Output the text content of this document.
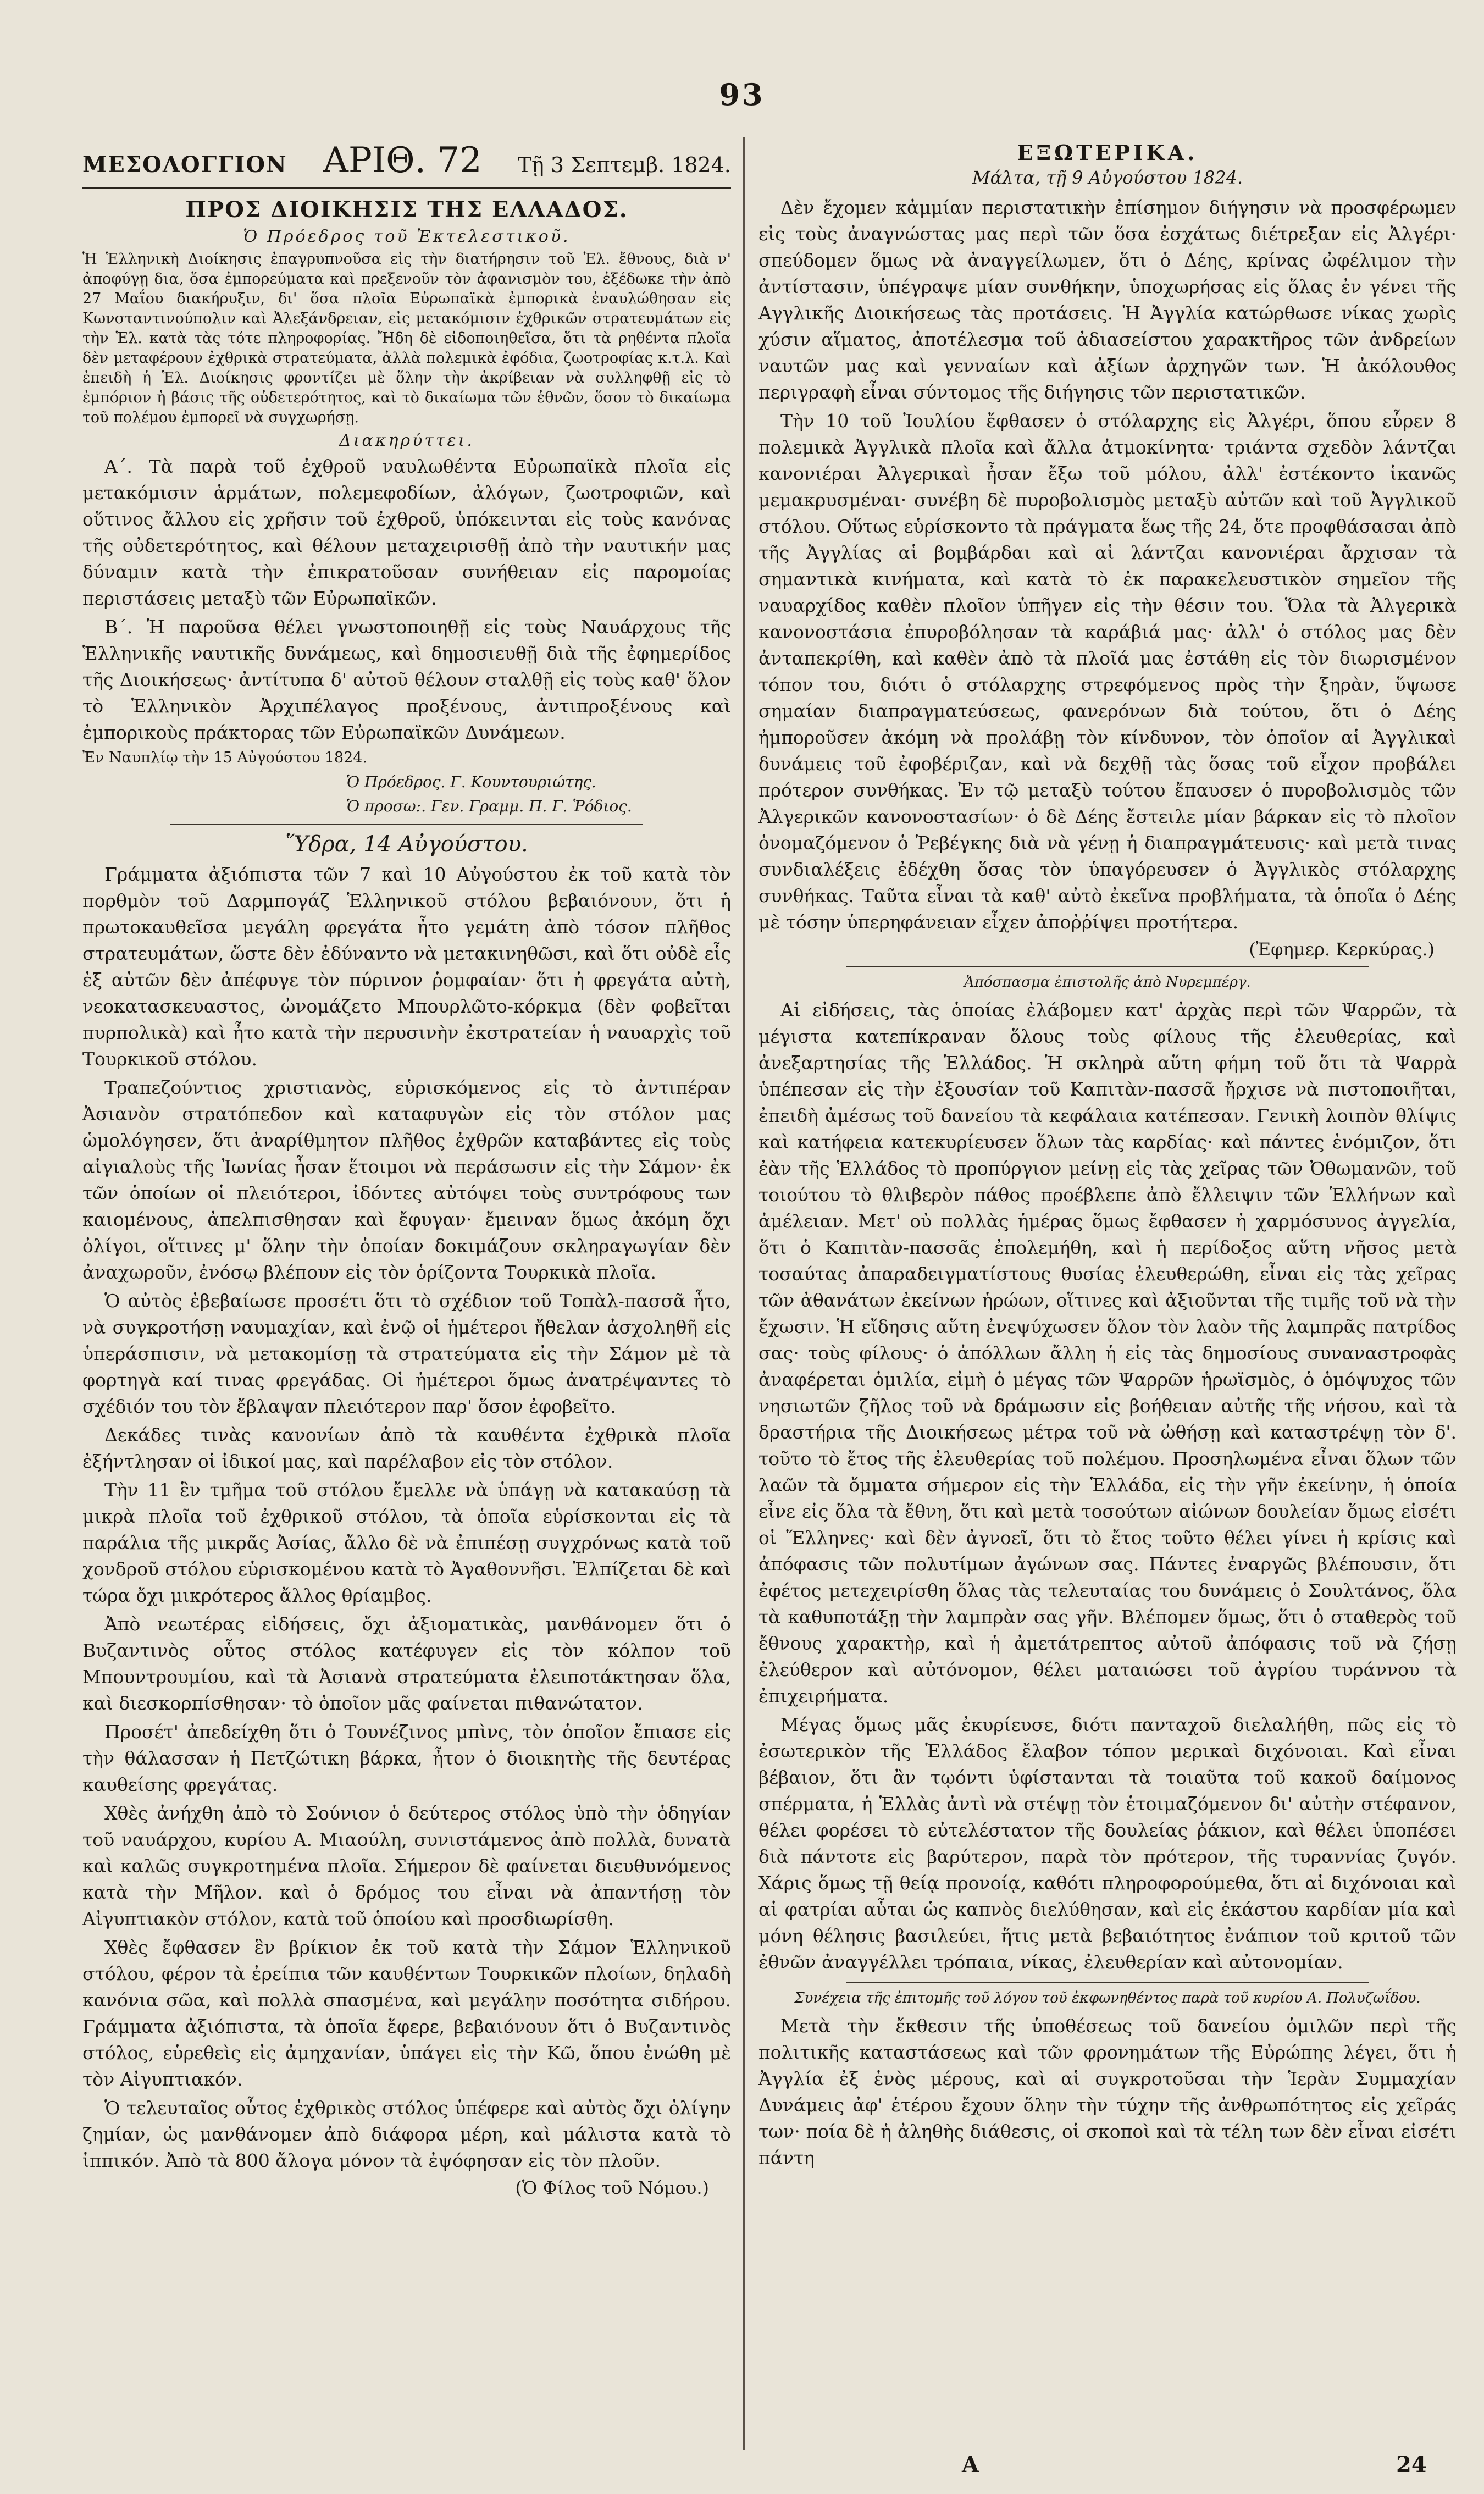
93
ΜΕΣΟΛΟΓΓΙΟΝ ΑΡΙΘ. 72 Τῇ 3 Σεπτεμβ. 1824.
ΠΡΟΣ ΔΙΟΙΚΗΣΙΣ ΤΗΣ ΕΛΛΑΔΟΣ.
Ὁ Πρόεδρος τοῦ Ἐκτελεστικοῦ.

Ἡ Ἑλληνικὴ Διοίκησις ἐπαγρυπνοῦσα εἰς τὴν διατήρησιν τοῦ Ἑλ. ἔθνους, διὰ ν' ἀποφύγῃ δια, ὅσα ἐμπορεύματα καὶ πρεξενοῦν τὸν ἀφανισμὸν του, ἐξέδωκε τὴν ἀπὸ 27 Μαΐου διακήρυξιν, δι' ὅσα πλοῖα Εὐρωπαϊκὰ ἐμπορικὰ ἐναυλώθησαν εἰς Κωνσταντινούπολιν καὶ Ἀλεξάνδρειαν, εἰς μετακόμισιν ἐχθρικῶν στρατευμάτων εἰς τὴν Ἑλ. κατὰ τὰς τότε πληροφορίας. Ἤδη δὲ εἰδοποιηθεῖσα, ὅτι τὰ ρηθέντα πλοῖα δὲν μεταφέρουν ἐχθρικὰ στρατεύματα, ἀλλὰ πολεμικὰ ἐφόδια, ζωοτροφίας κ.τ.λ. Καὶ ἐπειδὴ ἡ Ἑλ. Διοίκησις φροντίζει μὲ ὅλην τὴν ἀκρίβειαν νὰ συλληφθῇ εἰς τὸ ἐμπόριον ἡ βάσις τῆς οὐδετερότητος, καὶ τὸ δικαίωμα τῶν ἐθνῶν, ὅσον τὸ δικαίωμα τοῦ πολέμου ἐμπορεῖ νὰ συγχωρήσῃ.

Διακηρύττει.

Α΄. Τὰ παρὰ τοῦ ἐχθροῦ ναυλωθέντα Εὐρωπαϊκὰ πλοῖα εἰς μετακόμισιν ἁρμάτων, πολεμεφοδίων, ἀλόγων, ζωοτροφιῶν, καὶ οὕτινος ἄλλου εἰς χρῆσιν τοῦ ἐχθροῦ, ὑπόκεινται εἰς τοὺς κανόνας τῆς οὐδετερότητος, καὶ θέλουν μεταχειρισθῇ ἀπὸ τὴν ναυτικήν μας δύναμιν κατὰ τὴν ἐπικρατοῦσαν συνήθειαν εἰς παρομοίας περιστάσεις μεταξὺ τῶν Εὐρωπαϊκῶν.

Β΄. Ἡ παροῦσα θέλει γνωστοποιηθῇ εἰς τοὺς Ναυάρχους τῆς Ἑλληνικῆς ναυτικῆς δυνάμεως, καὶ δημοσιευθῇ διὰ τῆς ἐφημερίδος τῆς Διοικήσεως· ἀντίτυπα δ' αὐτοῦ θέλουν σταλθῇ εἰς τοὺς καθ' ὅλον τὸ Ἑλληνικὸν Ἀρχιπέλαγος προξένους, ἀντιπροξένους καὶ ἐμπορικοὺς πράκτορας τῶν Εὐρωπαϊκῶν Δυνάμεων.

Ἐν Ναυπλίῳ τὴν 15 Αὐγούστου 1824.

Ὁ Πρόεδρος. Γ. Κουντουριώτης.
Ὁ προσω:. Γεν. Γραμμ. Π. Γ. Ῥόδιος.
Ὕδρα, 14 Αὐγούστου.

Γράμματα ἀξιόπιστα τῶν 7 καὶ 10 Αὐγούστου ἐκ τοῦ κατὰ τὸν πορθμὸν τοῦ Δαρμπογάζ Ἑλληνικοῦ στόλου βεβαιόνουν, ὅτι ἡ πρωτοκαυθεῖσα μεγάλη φρεγάτα ἦτο γεμάτη ἀπὸ τόσον πλῆθος στρατευμάτων, ὥστε δὲν ἐδύναντο νὰ μετακινηθῶσι, καὶ ὅτι οὐδὲ εἷς ἐξ αὐτῶν δὲν ἀπέφυγε τὸν πύρινον ῥομφαίαν· ὅτι ἡ φρεγάτα αὐτὴ, νεοκατασκευαστος, ὠνομάζετο Μπουρλῶτο-κόρκμα (δὲν φοβεῖται πυρπολικὰ) καὶ ἦτο κατὰ τὴν περυσινὴν ἐκστρατείαν ἡ ναυαρχὶς τοῦ Τουρκικοῦ στόλου.

Τραπεζούντιος χριστιανὸς, εὑρισκόμενος εἰς τὸ ἀντιπέραν Ἀσιανὸν στρατόπεδον καὶ καταφυγὼν εἰς τὸν στόλον μας ὡμολόγησεν, ὅτι ἀναρίθμητον πλῆθος ἐχθρῶν καταβάντες εἰς τοὺς αἰγιαλοὺς τῆς Ἰωνίας ἦσαν ἕτοιμοι νὰ περάσωσιν εἰς τὴν Σάμον· ἐκ τῶν ὁποίων οἱ πλειότεροι, ἰδόντες αὐτόψει τοὺς συντρόφους των καιομένους, ἀπελπισθησαν καὶ ἔφυγαν· ἔμειναν ὅμως ἀκόμη ὄχι ὀλίγοι, οἵτινες μ' ὅλην τὴν ὁποίαν δοκιμάζουν σκληραγωγίαν δὲν ἀναχωροῦν, ἐνόσῳ βλέπουν εἰς τὸν ὁρίζοντα Τουρκικὰ πλοῖα.

Ὁ αὐτὸς ἐβεβαίωσε προσέτι ὅτι τὸ σχέδιον τοῦ Τοπὰλ-πασσᾶ ἦτο, νὰ συγκροτήσῃ ναυμαχίαν, καὶ ἐνῷ οἱ ἡμέτεροι ἤθελαν ἀσχοληθῆ εἰς ὑπεράσπισιν, νὰ μετακομίσῃ τὰ στρατεύματα εἰς τὴν Σάμον μὲ τὰ φορτηγὰ καί τινας φρεγάδας. Οἱ ἡμέτεροι ὅμως ἀνατρέψαντες τὸ σχέδιόν του τὸν ἔβλαψαν πλειότερον παρ' ὅσον ἐφοβεῖτο.

Δεκάδες τινὰς κανονίων ἀπὸ τὰ καυθέντα ἐχθρικὰ πλοῖα ἐξήντλησαν οἱ ἰδικοί μας, καὶ παρέλαβον εἰς τὸν στόλον.

Τὴν 11 ἓν τμῆμα τοῦ στόλου ἔμελλε νὰ ὑπάγῃ νὰ κατακαύσῃ τὰ μικρὰ πλοῖα τοῦ ἐχθρικοῦ στόλου, τὰ ὁποῖα εὑρίσκονται εἰς τὰ παράλια τῆς μικρᾶς Ἀσίας, ἄλλο δὲ νὰ ἐπιπέσῃ συγχρόνως κατὰ τοῦ χονδροῦ στόλου εὑρισκομένου κατὰ τὸ Ἀγαθοννῆσι. Ἐλπίζεται δὲ καὶ τώρα ὄχι μικρότερος ἄλλος θρίαμβος.

Ἀπὸ νεωτέρας εἰδήσεις, ὄχι ἀξιοματικὰς, μανθάνομεν ὅτι ὁ Βυζαντινὸς οὗτος στόλος κατέφυγεν εἰς τὸν κόλπον τοῦ Μπουντρουμίου, καὶ τὰ Ἀσιανὰ στρατεύματα ἐλειποτάκτησαν ὅλα, καὶ διεσκορπίσθησαν· τὸ ὁποῖον μᾶς φαίνεται πιθανώτατον.

Προσέτ' ἀπεδείχθη ὅτι ὁ Τουνέζινος μπὶνς, τὸν ὁποῖον ἔπιασε εἰς τὴν θάλασσαν ἡ Πετζώτικη βάρκα, ἦτον ὁ διοικητὴς τῆς δευτέρας καυθείσης φρεγάτας.

Χθὲς ἀνήχθη ἀπὸ τὸ Σούνιον ὁ δεύτερος στόλος ὑπὸ τὴν ὁδηγίαν τοῦ ναυάρχου, κυρίου Α. Μιαούλη, συνιστάμενος ἀπὸ πολλὰ, δυνατὰ καὶ καλῶς συγκροτημένα πλοῖα. Σήμερον δὲ φαίνεται διευθυνόμενος κατὰ τὴν Μῆλον. καὶ ὁ δρόμος του εἶναι νὰ ἀπαντήσῃ τὸν Αἰγυπτιακὸν στόλον, κατὰ τοῦ ὁποίου καὶ προσδιωρίσθη.

Χθὲς ἔφθασεν ἓν βρίκιον ἐκ τοῦ κατὰ τὴν Σάμον Ἑλληνικοῦ στόλου, φέρον τὰ ἐρείπια τῶν καυθέντων Τουρκικῶν πλοίων, δηλαδὴ κανόνια σῶα, καὶ πολλὰ σπασμένα, καὶ μεγάλην ποσότητα σιδήρου. Γράμματα ἀξιόπιστα, τὰ ὁποῖα ἔφερε, βεβαιόνουν ὅτι ὁ Βυζαντινὸς στόλος, εὑρεθεὶς εἰς ἀμηχανίαν, ὑπάγει εἰς τὴν Κῶ, ὅπου ἐνώθη μὲ τὸν Αἰγυπτιακόν.

Ὁ τελευταῖος οὗτος ἐχθρικὸς στόλος ὑπέφερε καὶ αὐτὸς ὄχι ὀλίγην ζημίαν, ὡς μανθάνομεν ἀπὸ διάφορα μέρη, καὶ μάλιστα κατὰ τὸ ἱππικόν. Ἀπὸ τὰ 800 ἄλογα μόνον τὰ ἐψόφησαν εἰς τὸν πλοῦν.

(Ὁ Φίλος τοῦ Νόμου.)
ΕΞΩΤΕΡΙΚΑ.
Μάλτα, τῇ 9 Αὐγούστου 1824.

Δὲν ἔχομεν κἀμμίαν περιστατικὴν ἐπίσημον διήγησιν νὰ προσφέρωμεν εἰς τοὺς ἀναγνώστας μας περὶ τῶν ὅσα ἐσχάτως διέτρεξαν εἰς Ἀλγέρι· σπεύδομεν ὅμως νὰ ἀναγγείλωμεν, ὅτι ὁ Δέης, κρίνας ὠφέλιμον τὴν ἀντίστασιν, ὑπέγραψε μίαν συνθήκην, ὑποχωρήσας εἰς ὅλας ἐν γένει τῆς Αγγλικῆς Διοικήσεως τὰς προτάσεις. Ἡ Ἀγγλία κατώρθωσε νίκας χωρὶς χύσιν αἵματος, ἀποτέλεσμα τοῦ ἀδιασείστου χαρακτῆρος τῶν ἀνδρείων ναυτῶν μας καὶ γενναίων καὶ ἀξίων ἀρχηγῶν των. Ἡ ἀκόλουθος περιγραφὴ εἶναι σύντομος τῆς διήγησις τῶν περιστατικῶν.

Τὴν 10 τοῦ Ἰουλίου ἔφθασεν ὁ στόλαρχης εἰς Ἀλγέρι, ὅπου εὗρεν 8 πολεμικὰ Ἀγγλικὰ πλοῖα καὶ ἄλλα ἀτμοκίνητα· τριάντα σχεδὸν λάντζαι κανονιέραι Ἀλγερικαὶ ἦσαν ἔξω τοῦ μόλου, ἀλλ' ἐστέκοντο ἱκανῶς μεμακρυσμέναι· συνέβη δὲ πυροβολισμὸς μεταξὺ αὐτῶν καὶ τοῦ Ἀγγλικοῦ στόλου. Οὕτως εὑρίσκοντο τὰ πράγματα ἕως τῆς 24, ὅτε προφθάσασαι ἀπὸ τῆς Ἀγγλίας αἱ βομβάρδαι καὶ αἱ λάντζαι κανονιέραι ἄρχισαν τὰ σημαντικὰ κινήματα, καὶ κατὰ τὸ ἐκ παρακελευστικὸν σημεῖον τῆς ναυαρχίδος καθὲν πλοῖον ὑπῆγεν εἰς τὴν θέσιν του. Ὅλα τὰ Ἀλγερικὰ κανονοστάσια ἐπυροβόλησαν τὰ καράβιά μας· ἀλλ' ὁ στόλος μας δὲν ἀνταπεκρίθη, καὶ καθὲν ἀπὸ τὰ πλοῖά μας ἐστάθη εἰς τὸν διωρισμένον τόπον του, διότι ὁ στόλαρχης στρεφόμενος πρὸς τὴν ξηρὰν, ὕψωσε σημαίαν διαπραγματεύσεως, φανερόνων διὰ τούτου, ὅτι ὁ Δέης ἠμποροῦσεν ἀκόμη νὰ προλάβῃ τὸν κίνδυνον, τὸν ὁποῖον αἱ Ἀγγλικαὶ δυνάμεις τοῦ ἐφοβέριζαν, καὶ νὰ δεχθῇ τὰς ὅσας τοῦ εἶχον προβάλει πρότερον συνθήκας. Ἐν τῷ μεταξὺ τούτου ἔπαυσεν ὁ πυροβολισμὸς τῶν Ἀλγερικῶν κανονοστασίων· ὁ δὲ Δέης ἔστειλε μίαν βάρκαν εἰς τὸ πλοῖον ὀνομαζόμενον ὁ Ῥεβέγκης διὰ νὰ γένῃ ἡ διαπραγμάτευσις· καὶ μετὰ τινας συνδιαλέξεις ἐδέχθη ὅσας τὸν ὑπαγόρευσεν ὁ Ἀγγλικὸς στόλαρχης συνθήκας. Ταῦτα εἶναι τὰ καθ' αὐτὸ ἐκεῖνα προβλήματα, τὰ ὁποῖα ὁ Δέης μὲ τόσην ὑπερηφάνειαν εἶχεν ἀποῤῥίψει προτήτερα.

(Ἐφημερ. Κερκύρας.)
Ἀπόσπασμα ἐπιστολῆς ἀπὸ Νυρεμπέργ.

Αἱ εἰδήσεις, τὰς ὁποίας ἐλάβομεν κατ' ἀρχὰς περὶ τῶν Ψαρρῶν, τὰ μέγιστα κατεπίκραναν ὅλους τοὺς φίλους τῆς ἐλευθερίας, καὶ ἀνεξαρτησίας τῆς Ἑλλάδος. Ἡ σκληρὰ αὕτη φήμη τοῦ ὅτι τὰ Ψαρρὰ ὑπέπεσαν εἰς τὴν ἐξουσίαν τοῦ Καπιτὰν-πασσᾶ ἤρχισε νὰ πιστοποιῆται, ἐπειδὴ ἀμέσως τοῦ δανείου τὰ κεφάλαια κατέπεσαν. Γενικὴ λοιπὸν θλίψις καὶ κατήφεια κατεκυρίευσεν ὅλων τὰς καρδίας· καὶ πάντες ἐνόμιζον, ὅτι ἐὰν τῆς Ἑλλάδος τὸ προπύργιον μείνῃ εἰς τὰς χεῖρας τῶν Ὀθωμανῶν, τοῦ τοιούτου τὸ θλιβερὸν πάθος προέβλεπε ἀπὸ ἔλλειψιν τῶν Ἑλλήνων καὶ ἀμέλειαν. Μετ' οὐ πολλὰς ἡμέρας ὅμως ἔφθασεν ἡ χαρμόσυνος ἀγγελία, ὅτι ὁ Καπιτὰν-πασσᾶς ἐπολεμήθη, καὶ ἡ περίδοξος αὕτη νῆσος μετὰ τοσαύτας ἀπαραδειγματίστους θυσίας ἐλευθερώθη, εἶναι εἰς τὰς χεῖρας τῶν ἀθανάτων ἐκείνων ἡρώων, οἵτινες καὶ ἀξιοῦνται τῆς τιμῆς τοῦ νὰ τὴν ἔχωσιν. Ἡ εἴδησις αὕτη ἐνεψύχωσεν ὅλον τὸν λαὸν τῆς λαμπρᾶς πατρίδος σας· τοὺς φίλους· ὁ ἀπόλλων ἄλλη ἡ εἰς τὰς δημοσίους συναναστροφὰς ἀναφέρεται ὁμιλία, εἰμὴ ὁ μέγας τῶν Ψαρρῶν ἡρωϊσμὸς, ὁ ὁμόψυχος τῶν νησιωτῶν ζῆλος τοῦ νὰ δράμωσιν εἰς βοήθειαν αὐτῆς τῆς νήσου, καὶ τὰ δραστήρια τῆς Διοικήσεως μέτρα τοῦ νὰ ὠθήσῃ καὶ καταστρέψῃ τὸν δ'. τοῦτο τὸ ἔτος τῆς ἐλευθερίας τοῦ πολέμου. Προσηλωμένα εἶναι ὅλων τῶν λαῶν τὰ ὄμματα σήμερον εἰς τὴν Ἑλλάδα, εἰς τὴν γῆν ἐκείνην, ἡ ὁποία εἶνε εἰς ὅλα τὰ ἔθνη, ὅτι καὶ μετὰ τοσούτων αἰώνων δουλείαν ὅμως εἰσέτι οἱ Ἕλληνες· καὶ δὲν ἀγνοεῖ, ὅτι τὸ ἔτος τοῦτο θέλει γίνει ἡ κρίσις καὶ ἀπόφασις τῶν πολυτίμων ἀγώνων σας. Πάντες ἐναργῶς βλέπουσιν, ὅτι ἐφέτος μετεχειρίσθη ὅλας τὰς τελευταίας του δυνάμεις ὁ Σουλτάνος, ὅλα τὰ καθυποτάξῃ τὴν λαμπρὰν σας γῆν. Βλέπομεν ὅμως, ὅτι ὁ σταθερὸς τοῦ ἔθνους χαρακτὴρ, καὶ ἡ ἀμετάτρεπτος αὐτοῦ ἀπόφασις τοῦ νὰ ζήσῃ ἐλεύθερον καὶ αὐτόνομον, θέλει ματαιώσει τοῦ ἀγρίου τυράννου τὰ ἐπιχειρήματα.

Μέγας ὅμως μᾶς ἐκυρίευσε, διότι πανταχοῦ διελαλήθη, πῶς εἰς τὸ ἐσωτερικὸν τῆς Ἑλλάδος ἔλαβον τόπον μερικαὶ διχόνοιαι. Καὶ εἶναι βέβαιον, ὅτι ἂν τῳόντι ὑφίστανται τὰ τοιαῦτα τοῦ κακοῦ δαίμονος σπέρματα, ἡ Ἑλλὰς ἀντὶ νὰ στέψῃ τὸν ἑτοιμαζόμενον δι' αὐτὴν στέφανον, θέλει φορέσει τὸ εὐτελέστατον τῆς δουλείας ῥάκιον, καὶ θέλει ὑποπέσει διὰ πάντοτε εἰς βαρύτερον, παρὰ τὸν πρότερον, τῆς τυραννίας ζυγόν. Χάρις ὅμως τῇ θείᾳ προνοίᾳ, καθότι πληροφορούμεθα, ὅτι αἱ διχόνοιαι καὶ αἱ φατρίαι αὗται ὡς καπνὸς διελύθησαν, καὶ εἰς ἑκάστου καρδίαν μία καὶ μόνη θέλησις βασιλεύει, ἥτις μετὰ βεβαιότητος ἐνάπιον τοῦ κριτοῦ τῶν ἐθνῶν ἀναγγέλλει τρόπαια, νίκας, ἐλευθερίαν καὶ αὐτονομίαν.

Συνέχεια τῆς ἐπιτομῆς τοῦ λόγου τοῦ ἐκφωνηθέντος παρὰ τοῦ κυρίου Α. Πολυζωΐδου.

Μετὰ τὴν ἔκθεσιν τῆς ὑποθέσεως τοῦ δανείου ὁμιλῶν περὶ τῆς πολιτικῆς καταστάσεως καὶ τῶν φρονημάτων τῆς Εὐρώπης λέγει, ὅτι ἡ Ἀγγλία ἐξ ἑνὸς μέρους, καὶ αἱ συγκροτοῦσαι τὴν Ἱερὰν Συμμαχίαν Δυνάμεις ἀφ' ἑτέρου ἔχουν ὅλην τὴν τύχην τῆς ἀνθρωπότητος εἰς χεῖράς των· ποία δὲ ἡ ἀληθὴς διάθεσις, οἱ σκοποὶ καὶ τὰ τέλη των δὲν εἶναι εἰσέτι πάντη

A	24
